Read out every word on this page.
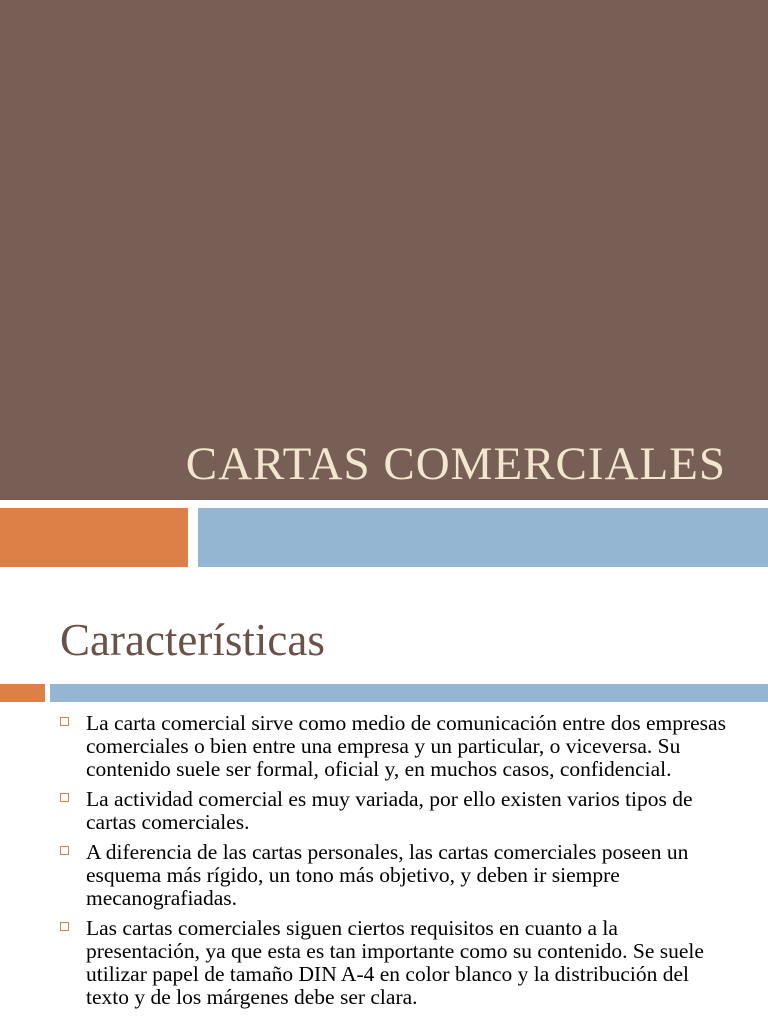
CARTAS COMERCIALES
Características
La carta comercial sirve como medio de comunicación entre dos empresas comerciales o bien entre una empresa y un particular, o viceversa. Su contenido suele ser formal, oficial y, en muchos casos, confidencial.
La actividad comercial es muy variada, por ello existen varios tipos de cartas comerciales.
A diferencia de las cartas personales, las cartas comerciales poseen un esquema más rígido, un tono más objetivo, y deben ir siempre mecanografiadas.
Las cartas comerciales siguen ciertos requisitos en cuanto a la presentación, ya que esta es tan importante como su contenido. Se suele utilizar papel de tamaño DIN A-4 en color blanco y la distribución del texto y de los márgenes debe ser clara.
